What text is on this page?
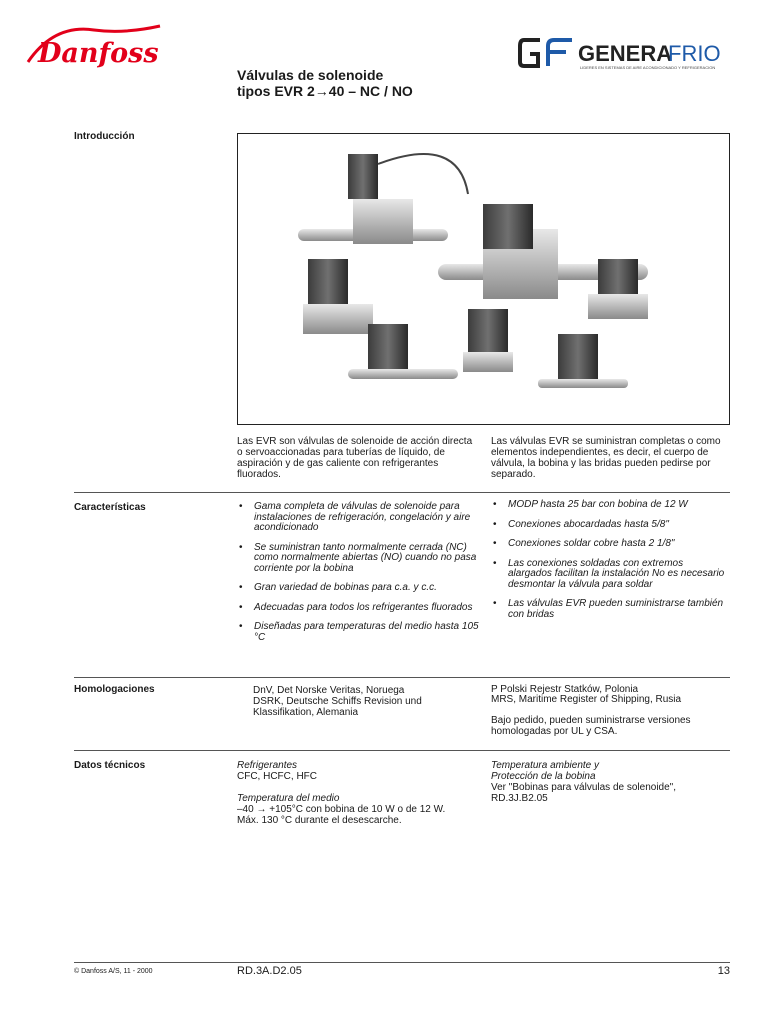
Danfoss	GENERA
FRIO
LIDERES EN SISTEMAS DE AIRE ACONDICIONADO Y REFRIGERACION
Válvulas de solenoide
tipos EVR 2→40 – NC / NO
Introducción
Las EVR son válvulas de solenoide de acción directa o servoaccionadas para tuberías de líquido, de aspiración y de gas caliente con refrigerantes fluorados.
Las válvulas EVR se suministran completas o como elementos independientes, es decir, el cuerpo de válvula, la bobina y las bridas pueden pedirse por separado.
Características	• Gama completa de válvulas de solenoide para instalaciones de refrigeración, congelación y aire acondicionado
• Se suministran tanto normalmente cerrada (NC) como normalmente abiertas (NO) cuando no pasa corriente por la bobina
• Gran variedad de bobinas para c.a. y c.c.
• Adecuadas para todos los refrigerantes fluorados
• Diseñadas para temperaturas del medio hasta 105 °C
• MODP hasta 25 bar con bobina de 12 W
• Conexiones abocardadas hasta 5/8"
• Conexiones soldar cobre hasta 2 1/8"
• Las conexiones soldadas con extremos alargados facilitan la instalación No es necesario desmontar la válvula para soldar
• Las válvulas EVR pueden suministrarse también con bridas
Homologaciones	DnV, Det Norske Veritas, Noruega
DSRK, Deutsche Schiffs Revision und Klassifikation, Alemania
P Polski Rejestr Statków, Polonia
MRS, Maritime Register of Shipping, Rusia
Bajo pedido, pueden suministrarse versiones homologadas por UL y CSA.
Datos técnicos	Refrigerantes
CFC, HCFC, HFC
Temperatura del medio
–40 → +105°C con bobina de 10 W o de 12 W.
Máx. 130 °C durante el desescarche.
Temperatura ambiente y
Protección de la bobina
Ver "Bobinas para válvulas de solenoide",
RD.3J.B2.05
© Danfoss A/S, 11 - 2000	RD.3A.D2.05	13
